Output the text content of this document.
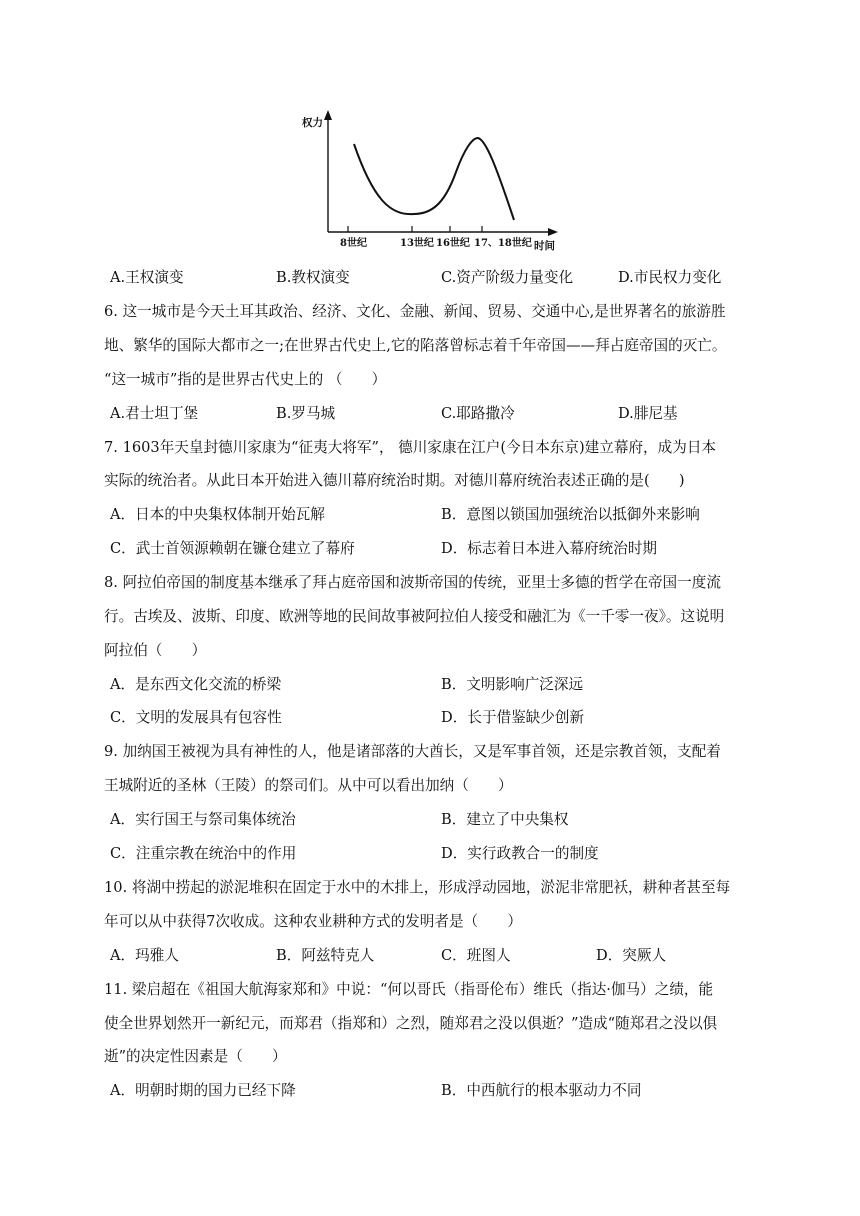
权力
时间
8世纪	13世纪 16世纪 17、18世纪
A.王权演变	B.教权演变	C.资产阶级力量变化	D.市民权力变化
6. 这一城市是今天土耳其政治、经济、文化、金融、新闻、贸易、交通中心,是世界著名的旅游胜
地、繁华的国际大都市之一;在世界古代史上,它的陷落曾标志着千年帝国——拜占庭帝国的灭亡。
“这一城市”指的是世界古代史上的 （　　）
A.君士坦丁堡	B.罗马城	C.耶路撒冷	D.腓尼基
7. 1603年天皇封德川家康为“征夷大将军”， 德川家康在江户(今日本东京)建立幕府，成为日本
实际的统治者。从此日本开始进入德川幕府统治时期。对德川幕府统治表述正确的是(　　)
A．日本的中央集权体制开始瓦解	B．意图以锁国加强统治以抵御外来影响
C．武士首领源赖朝在镰仓建立了幕府	D．标志着日本进入幕府统治时期
8. 阿拉伯帝国的制度基本继承了拜占庭帝国和波斯帝国的传统，亚里士多德的哲学在帝国一度流
行。古埃及、波斯、印度、欧洲等地的民间故事被阿拉伯人接受和融汇为《一千零一夜》。这说明
阿拉伯（　　）
A．是东西文化交流的桥梁	B．文明影响广泛深远
C．文明的发展具有包容性	D．长于借鉴缺少创新
9. 加纳国王被视为具有神性的人，他是诸部落的大酋长，又是军事首领，还是宗教首领，支配着
王城附近的圣林（王陵）的祭司们。从中可以看出加纳（　　）
A．实行国王与祭司集体统治	B．建立了中央集权
C．注重宗教在统治中的作用	D．实行政教合一的制度
10. 将湖中捞起的淤泥堆积在固定于水中的木排上，形成浮动园地，淤泥非常肥袄，耕种者甚至每
年可以从中获得7次收成。这种农业耕种方式的发明者是（　　）
A．玛雅人	B．阿兹特克人	C．班图人	D．突厥人
11. 梁启超在《祖国大航海家郑和》中说：“何以哥氏（指哥伦布）维氏（指达·伽马）之绩，能
使全世界划然开一新纪元，而郑君（指郑和）之烈，随郑君之没以俱逝？”造成“随郑君之没以俱
逝”的决定性因素是（　　）
A．明朝时期的国力已经下降	B．中西航行的根本驱动力不同
